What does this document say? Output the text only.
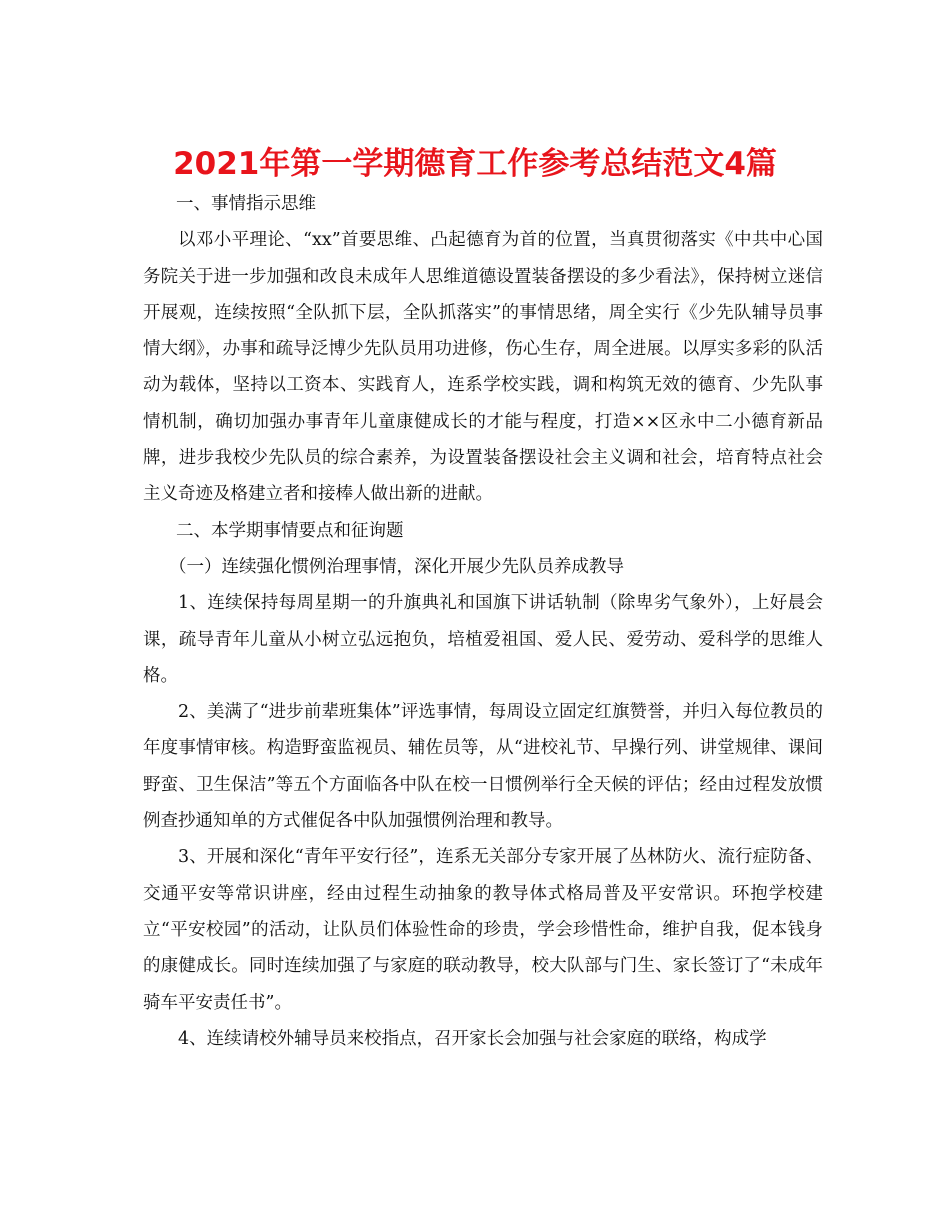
2021年第一学期德育工作参考总结范文4篇

一、事情指示思维

以邓小平理论、“xx”首要思维、凸起德育为首的位置，当真贯彻落实《中共中心国务院关于进一步加强和改良未成年人思维道德设置装备摆设的多少看法》，保持树立迷信开展观，连续按照“全队抓下层，全队抓落实”的事情思绪，周全实行《少先队辅导员事情大纲》，办事和疏导泛博少先队员用功进修，伤心生存，周全进展。以厚实多彩的队活动为载体，坚持以工资本、实践育人，连系学校实践，调和构筑无效的德育、少先队事情机制，确切加强办事青年儿童康健成长的才能与程度，打造××区永中二小德育新品牌，进步我校少先队员的综合素养，为设置装备摆设社会主义调和社会，培育特点社会主义奇迹及格建立者和接棒人做出新的进献。

二、本学期事情要点和征询题

（一）连续强化惯例治理事情，深化开展少先队员养成教导

1、连续保持每周星期一的升旗典礼和国旗下讲话轨制（除卑劣气象外），上好晨会课，疏导青年儿童从小树立弘远抱负，培植爱祖国、爱人民、爱劳动、爱科学的思维人格。

2、美满了“进步前辈班集体”评选事情，每周设立固定红旗赞誉，并归入每位教员的年度事情审核。构造野蛮监视员、辅佐员等，从“进校礼节、早操行列、讲堂规律、课间野蛮、卫生保洁”等五个方面临各中队在校一日惯例举行全天候的评估；经由过程发放惯例查抄通知单的方式催促各中队加强惯例治理和教导。

3、开展和深化“青年平安行径”，连系无关部分专家开展了丛林防火、流行症防备、交通平安等常识讲座，经由过程生动抽象的教导体式格局普及平安常识。环抱学校建立“平安校园”的活动，让队员们体验性命的珍贵，学会珍惜性命，维护自我，促本钱身的康健成长。同时连续加强了与家庭的联动教导，校大队部与门生、家长签订了“未成年骑车平安责任书”。

4、连续请校外辅导员来校指点，召开家长会加强与社会家庭的联络，构成学
